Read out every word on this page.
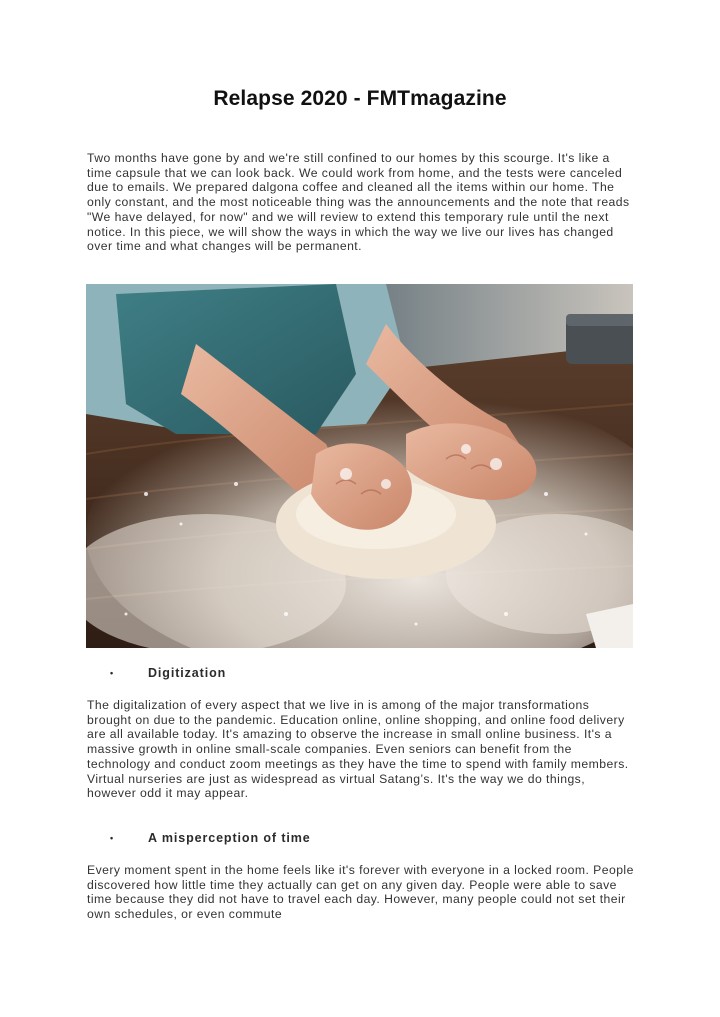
Relapse 2020 - FMTmagazine

Two months have gone by and we're still confined to our homes by this scourge. It's like a time capsule that we can look back. We could work from home, and the tests were canceled due to emails. We prepared dalgona coffee and cleaned all the items within our home. The only constant, and the most noticeable thing was the announcements and the note that reads "We have delayed, for now" and we will review to extend this temporary rule until the next notice. In this piece, we will show the ways in which the way we live our lives has changed over time and what changes will be permanent.

•	Digitization

The digitalization of every aspect that we live in is among of the major transformations brought on due to the pandemic. Education online, online shopping, and online food delivery are all available today. It's amazing to observe the increase in small online business. It's a massive growth in online small-scale companies. Even seniors can benefit from the technology and conduct zoom meetings as they have the time to spend with family members. Virtual nurseries are just as widespread as virtual Satang’s. It's the way we do things, however odd it may appear.

•	A misperception of time

Every moment spent in the home feels like it's forever with everyone in a locked room. People discovered how little time they actually can get on any given day. People were able to save time because they did not have to travel each day. However, many people could not set their own schedules, or even commute
